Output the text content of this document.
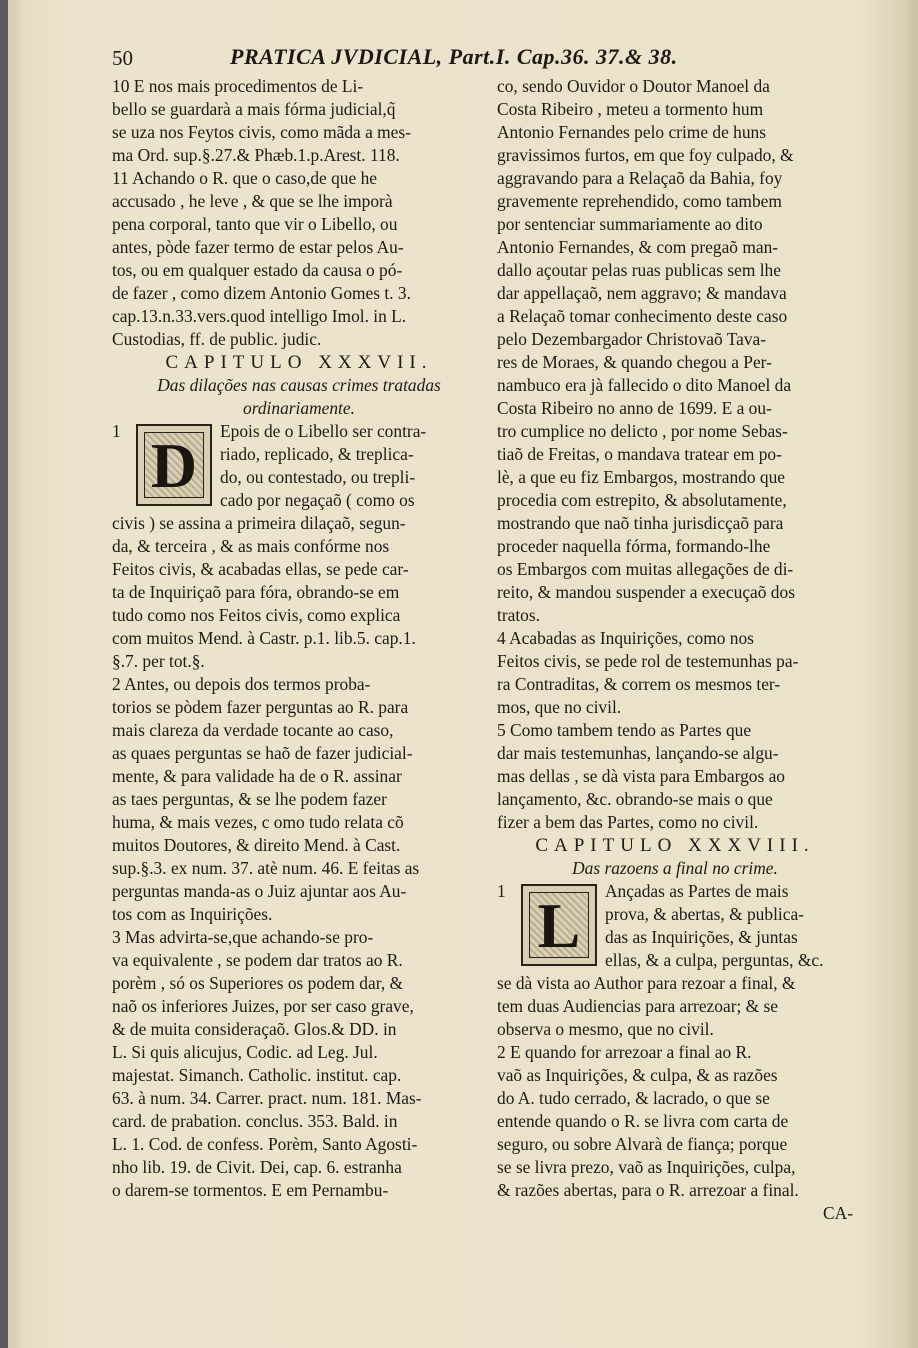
50	PRATICA JVDICIAL, Part.I. Cap.36. 37.& 38.
10 E nos mais procedimentos de Li-
bello se guardarà a mais fórma judicial,q̃
se uza nos Feytos civis, como mãda a mes-
ma Ord. sup.§.27.& Phæb.1.p.Arest. 118.
11 Achando o R. que o caso,de que he
accusado , he leve , & que se lhe imporà
pena corporal, tanto que vir o Libello, ou
antes, pòde fazer termo de estar pelos Au-
tos, ou em qualquer estado da causa o pó-
de fazer , como dizem Antonio Gomes t. 3.
cap.13.n.33.vers.quod intelligo Imol. in L.
Custodias, ff. de public. judic.

CAPITULO XXXVII.

Das dilações nas causas crimes tratadas
ordinariamente.

1 D	Epois de o Libello ser contra-
riado, replicado, & treplica-
do, ou contestado, ou trepli-
cado por negaçaõ ( como os
civis ) se assina a primeira dilaçaõ, segun-
da, & terceira , & as mais confórme nos
Feitos civis, & acabadas ellas, se pede car-
ta de Inquiriçaõ para fóra, obrando-se em
tudo como nos Feitos civis, como explica
com muitos Mend. à Castr. p.1. lib.5. cap.1.
§.7. per tot.§.
2 Antes, ou depois dos termos proba-
torios se pòdem fazer perguntas ao R. para
mais clareza da verdade tocante ao caso,
as quaes perguntas se haõ de fazer judicial-
mente, & para validade ha de o R. assinar
as taes perguntas, & se lhe podem fazer
huma, & mais vezes, c omo tudo relata cõ
muitos Doutores, & direito Mend. à Cast.
sup.§.3. ex num. 37. atè num. 46. E feitas as
perguntas manda-as o Juiz ajuntar aos Au-
tos com as Inquirições.
3 Mas advirta-se,que achando-se pro-
va equivalente , se podem dar tratos ao R.
porèm , só os Superiores os podem dar, &
naõ os inferiores Juizes, por ser caso grave,
& de muita consideraçaõ. Glos.& DD. in
L. Si quis alicujus, Codic. ad Leg. Jul.
majestat. Simanch. Catholic. institut. cap.
63. à num. 34. Carrer. pract. num. 181. Mas-
card. de prabation. conclus. 353. Bald. in
L. 1. Cod. de confess. Porèm, Santo Agosti-
nho lib. 19. de Civit. Dei, cap. 6. estranha
o darem-se tormentos. E em Pernambu-
co, sendo Ouvidor o Doutor Manoel da
Costa Ribeiro , meteu a tormento hum
Antonio Fernandes pelo crime de huns
gravissimos furtos, em que foy culpado, &
aggravando para a Relaçaõ da Bahia, foy
gravemente reprehendido, como tambem
por sentenciar summariamente ao dito
Antonio Fernandes, & com pregaõ man-
dallo açoutar pelas ruas publicas sem lhe
dar appellaçaõ, nem aggravo; & mandava
a Relaçaõ tomar conhecimento deste caso
pelo Dezembargador Christovaõ Tava-
res de Moraes, & quando chegou a Per-
nambuco era jà fallecido o dito Manoel da
Costa Ribeiro no anno de 1699. E a ou-
tro cumplice no delicto , por nome Sebas-
tiaõ de Freitas, o mandava tratear em po-
lè, a que eu fiz Embargos, mostrando que
procedia com estrepito, & absolutamente,
mostrando que naõ tinha jurisdicçaõ para
proceder naquella fórma, formando-lhe
os Embargos com muitas allegações de di-
reito, & mandou suspender a execuçaõ dos
tratos.
4 Acabadas as Inquirições, como nos
Feitos civis, se pede rol de testemunhas pa-
ra Contraditas, & correm os mesmos ter-
mos, que no civil.
5 Como tambem tendo as Partes que
dar mais testemunhas, lançando-se algu-
mas dellas , se dà vista para Embargos ao
lançamento, &c. obrando-se mais o que
fizer a bem das Partes, como no civil.

CAPITULO XXXVIII.

Das razoens a final no crime.

1 L	Ançadas as Partes de mais
prova, & abertas, & publica-
das as Inquirições, & juntas
ellas, & a culpa, perguntas, &c.
se dà vista ao Author para rezoar a final, &
tem duas Audiencias para arrezoar; & se
observa o mesmo, que no civil.
2 E quando for arrezoar a final ao R.
vaõ as Inquirições, & culpa, & as razões
do A. tudo cerrado, & lacrado, o que se
entende quando o R. se livra com carta de
seguro, ou sobre Alvarà de fiança; porque
se se livra prezo, vaõ as Inquirições, culpa,
& razões abertas, para o R. arrezoar a final.
CA-
